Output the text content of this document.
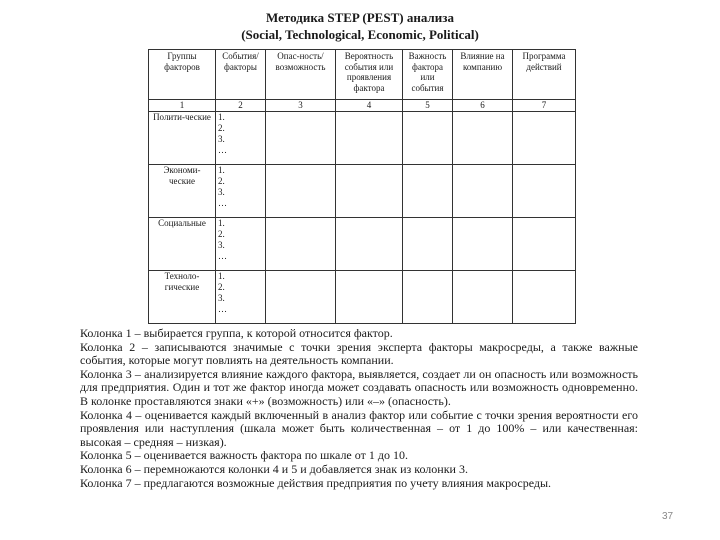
Методика STEP (PEST) анализа
(Social, Technological, Economic, Political)
Группы факторов	События/ факторы	Опас-ность/ возможность	Вероятность события или проявления фактора	Важность фактора или события	Влияние на компанию	Программа действий
1	2	3	4	5	6	7
Полити-ческие	1.
2.
3.
…					

Экономи-ческие	1.
2.
3.
…					

Социальные	1.
2.
3.
…					

Техноло-гические	1.
2.
3.
…					

Колонка 1 – выбирается группа, к которой относится фактор.

Колонка 2 – записываются значимые с точки зрения эксперта факторы макросреды, а также важные события, которые могут повлиять на деятельность компании.

Колонка 3 – анализируется влияние каждого фактора, выявляется, создает ли он опасность или возможность для предприятия. Один и тот же фактор иногда может создавать опасность или возможность одновременно. В колонке проставляются знаки «+» (возможность) или «–» (опасность).

Колонка 4 – оценивается каждый включенный в анализ фактор или событие с точки зрения вероятности его проявления или наступления (шкала может быть количественная – от 1 до 100% – или качественная: высокая – средняя – низкая).

Колонка 5 – оценивается важность фактора по шкале от 1 до 10.

Колонка 6 – перемножаются колонки 4 и 5 и добавляется знак из колонки 3.

Колонка 7 – предлагаются возможные действия предприятия по учету влияния макросреды.

37
